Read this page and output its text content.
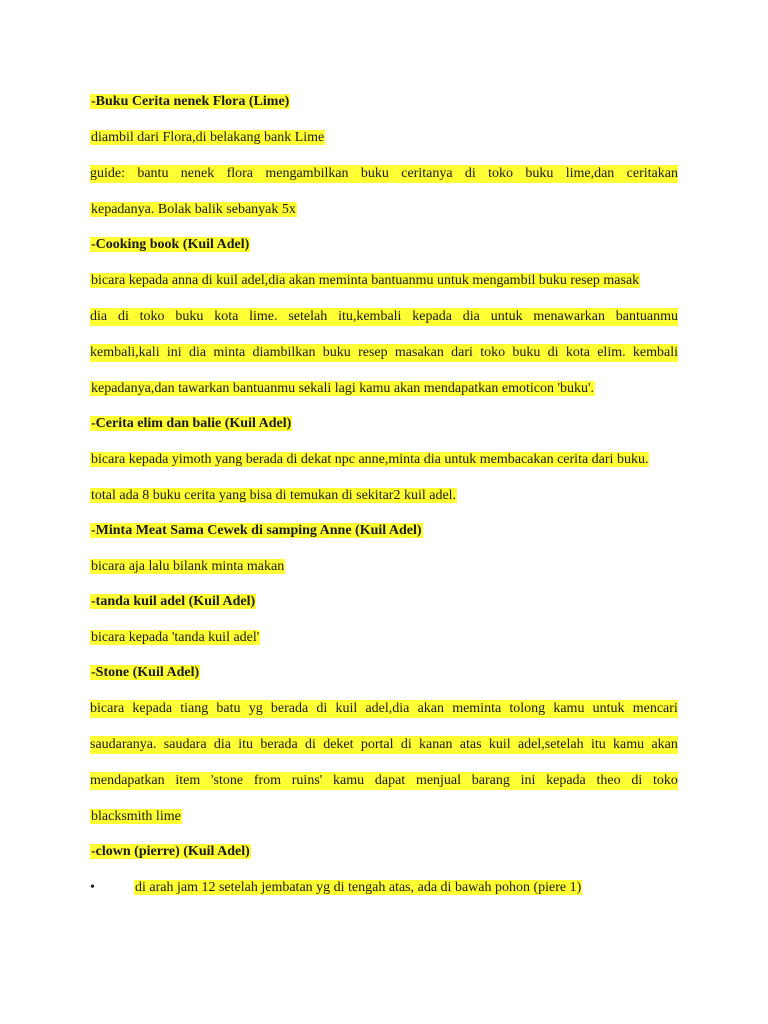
-Buku Cerita nenek Flora (Lime)
diambil dari Flora,di belakang bank Lime
guide: bantu nenek flora mengambilkan buku ceritanya di toko buku lime,dan ceritakan
kepadanya. Bolak balik sebanyak 5x
-Cooking book (Kuil Adel)
bicara kepada anna di kuil adel,dia akan meminta bantuanmu untuk mengambil buku resep masak
dia di toko buku kota lime. setelah itu,kembali kepada dia untuk menawarkan bantuanmu
kembali,kali ini dia minta diambilkan buku resep masakan dari toko buku di kota elim. kembali
kepadanya,dan tawarkan bantuanmu sekali lagi kamu akan mendapatkan emoticon 'buku'.
-Cerita elim dan balie (Kuil Adel)
bicara kepada yimoth yang berada di dekat npc anne,minta dia untuk membacakan cerita dari buku.
total ada 8 buku cerita yang bisa di temukan di sekitar2 kuil adel.
-Minta Meat Sama Cewek di samping Anne (Kuil Adel)
bicara aja lalu bilank minta makan
-tanda kuil adel (Kuil Adel)
bicara kepada 'tanda kuil adel'
-Stone (Kuil Adel)
bicara kepada tiang batu yg berada di kuil adel,dia akan meminta tolong kamu untuk mencari
saudaranya. saudara dia itu berada di deket portal di kanan atas kuil adel,setelah itu kamu akan
mendapatkan item 'stone from ruins' kamu dapat menjual barang ini kepada theo di toko
blacksmith lime
-clown (pierre) (Kuil Adel)
•	di arah jam 12 setelah jembatan yg di tengah atas, ada di bawah pohon (piere 1)
